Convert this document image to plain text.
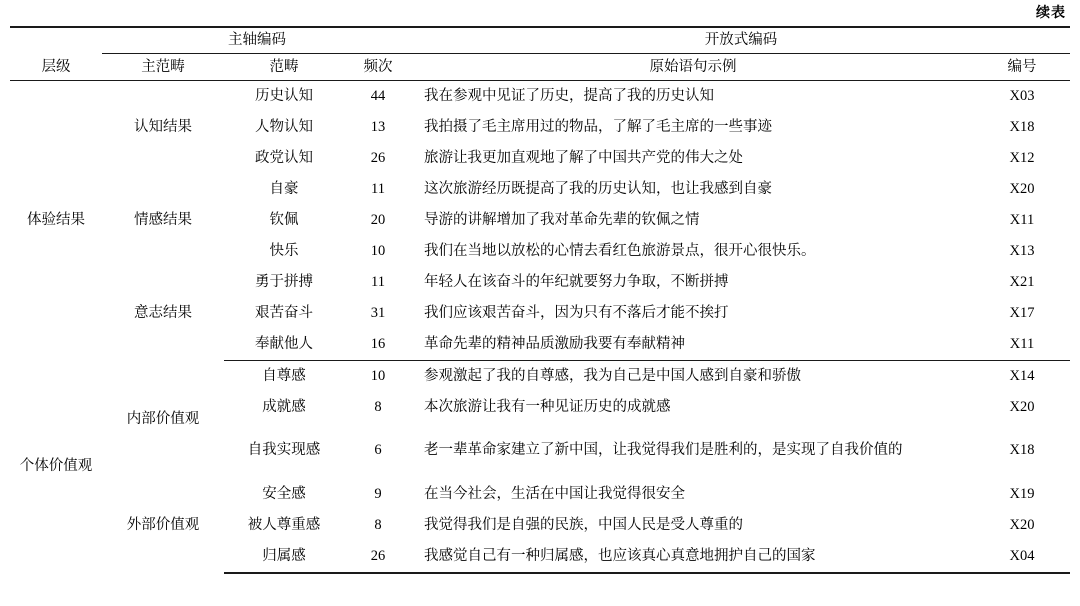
续表
	主轴编码			开放式编码	
层级	主范畴	范畴	频次	原始语句示例	编号
体验结果	认知结果	历史认知	44	我在参观中见证了历史，提高了我的历史认知	X03
		人物认知	13	我拍摄了毛主席用过的物品，了解了毛主席的一些事迹	X18
		政党认知	26	旅游让我更加直观地了解了中国共产党的伟大之处	X12
	情感结果	自豪	11	这次旅游经历既提高了我的历史认知，也让我感到自豪	X20
		钦佩	20	导游的讲解增加了我对革命先辈的钦佩之情	X11
		快乐	10	我们在当地以放松的心情去看红色旅游景点，很开心很快乐。	X13
	意志结果	勇于拼搏	11	年轻人在该奋斗的年纪就要努力争取，不断拼搏	X21
		艰苦奋斗	31	我们应该艰苦奋斗，因为只有不落后才能不挨打	X17
		奉献他人	16	革命先辈的精神品质激励我要有奉献精神	X11
个体价值观	内部价值观	自尊感	10	参观激起了我的自尊感，我为自己是中国人感到自豪和骄傲	X14
		成就感	8	本次旅游让我有一种见证历史的成就感	X20
		自我实现感	6	老一辈革命家建立了新中国，让我觉得我们是胜利的，是实现了自我价值的	X18
	外部价值观	安全感	9	在当今社会，生活在中国让我觉得很安全	X19
		被人尊重感	8	我觉得我们是自强的民族，中国人民是受人尊重的	X20
		归属感	26	我感觉自己有一种归属感，也应该真心真意地拥护自己的国家	X04
